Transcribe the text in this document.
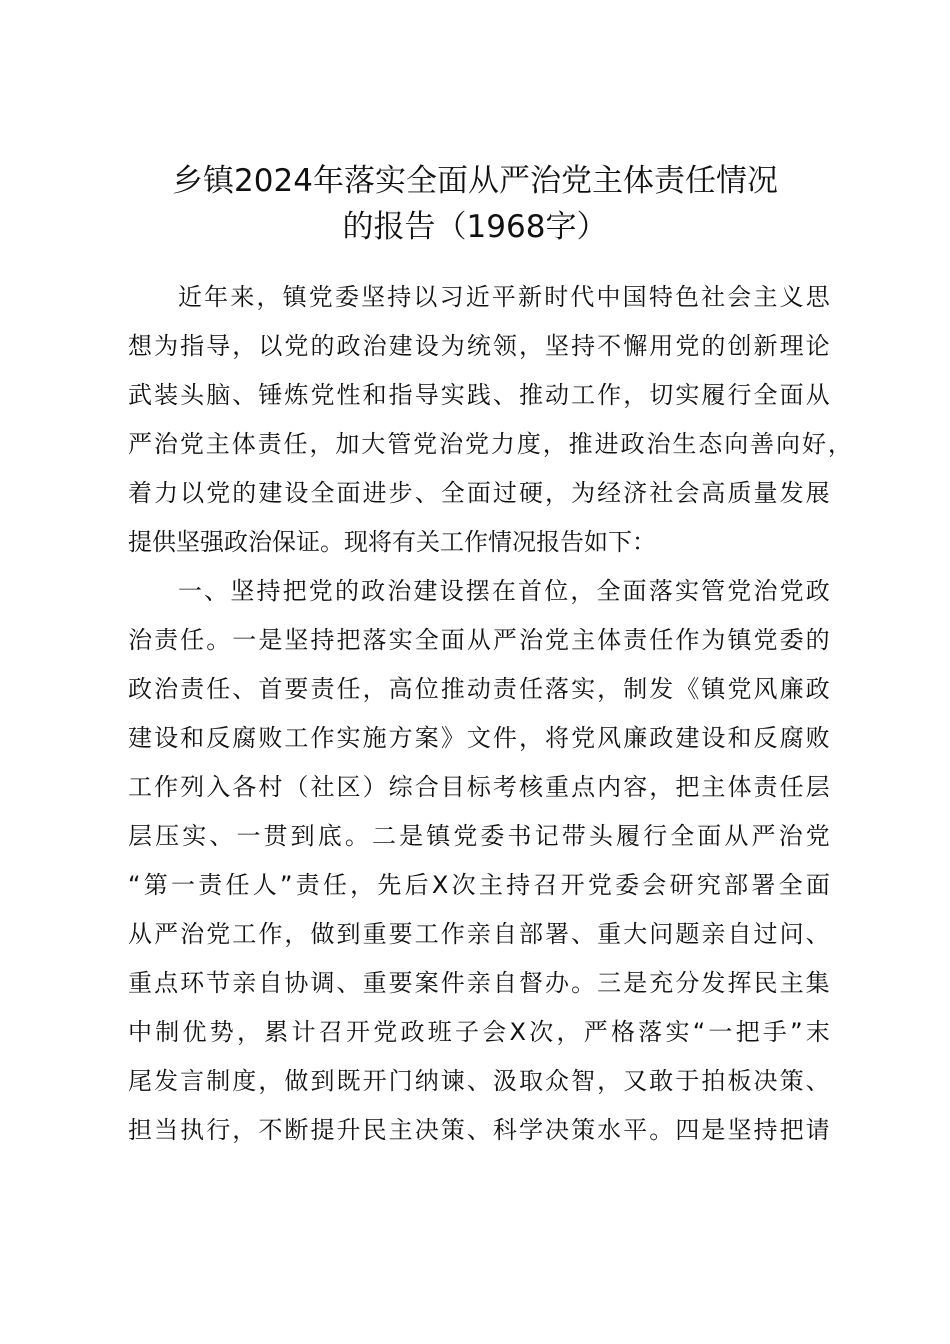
乡镇2024年落实全面从严治党主体责任情况
的报告（1968字）
近 年 来 ， 镇 党 委 坚 持 以 习 近 平 新 时 代 中 国 特 色 社 会 主 义 思
想 为 指 导 ， 以 党 的 政 治 建 设 为 统 领 ， 坚 持 不 懈 用 党 的 创 新 理 论
武 装 头 脑 、 锤 炼 党 性 和 指 导 实 践 、 推 动 工 作 ， 切 实 履 行 全 面 从
严 治 党 主 体 责 任 ， 加 大 管 党 治 党 力 度 ， 推 进 政 治 生 态 向 善 向 好 ，
着 力 以 党 的 建 设 全 面 进 步 、 全 面 过 硬 ， 为 经 济 社 会 高 质 量 发 展
提供坚强政治保证。现将有关工作情况报告如下：
一 、 坚 持 把 党 的 政 治 建 设 摆 在 首 位 ， 全 面 落 实 管 党 治 党 政
治 责 任 。 一 是 坚 持 把 落 实 全 面 从 严 治 党 主 体 责 任 作 为 镇 党 委 的
政 治 责 任 、 首 要 责 任 ， 高 位 推 动 责 任 落 实 ， 制 发 《 镇 党 风 廉 政
建 设 和 反 腐 败 工 作 实 施 方 案 》 文 件 ， 将 党 风 廉 政 建 设 和 反 腐 败
工 作 列 入 各 村 （ 社 区 ） 综 合 目 标 考 核 重 点 内 容 ， 把 主 体 责 任 层
层 压 实 、 一 贯 到 底 。 二 是 镇 党 委 书 记 带 头 履 行 全 面 从 严 治 党
“ 第 一 责 任 人 ” 责 任 ， 先 后 X 次 主 持 召 开 党 委 会 研 究 部 署 全 面
从 严 治 党 工 作 ， 做 到 重 要 工 作 亲 自 部 署 、 重 大 问 题 亲 自 过 问 、
重 点 环 节 亲 自 协 调 、 重 要 案 件 亲 自 督 办 。 三 是 充 分 发 挥 民 主 集
中 制 优 势 ， 累 计 召 开 党 政 班 子 会 X 次 ， 严 格 落 实 “ 一 把 手 ” 末
尾 发 言 制 度 ， 做 到 既 开 门 纳 谏 、 汲 取 众 智 ， 又 敢 于 拍 板 决 策 、
担 当 执 行 ， 不 断 提 升 民 主 决 策 、 科 学 决 策 水 平 。 四 是 坚 持 把 请
